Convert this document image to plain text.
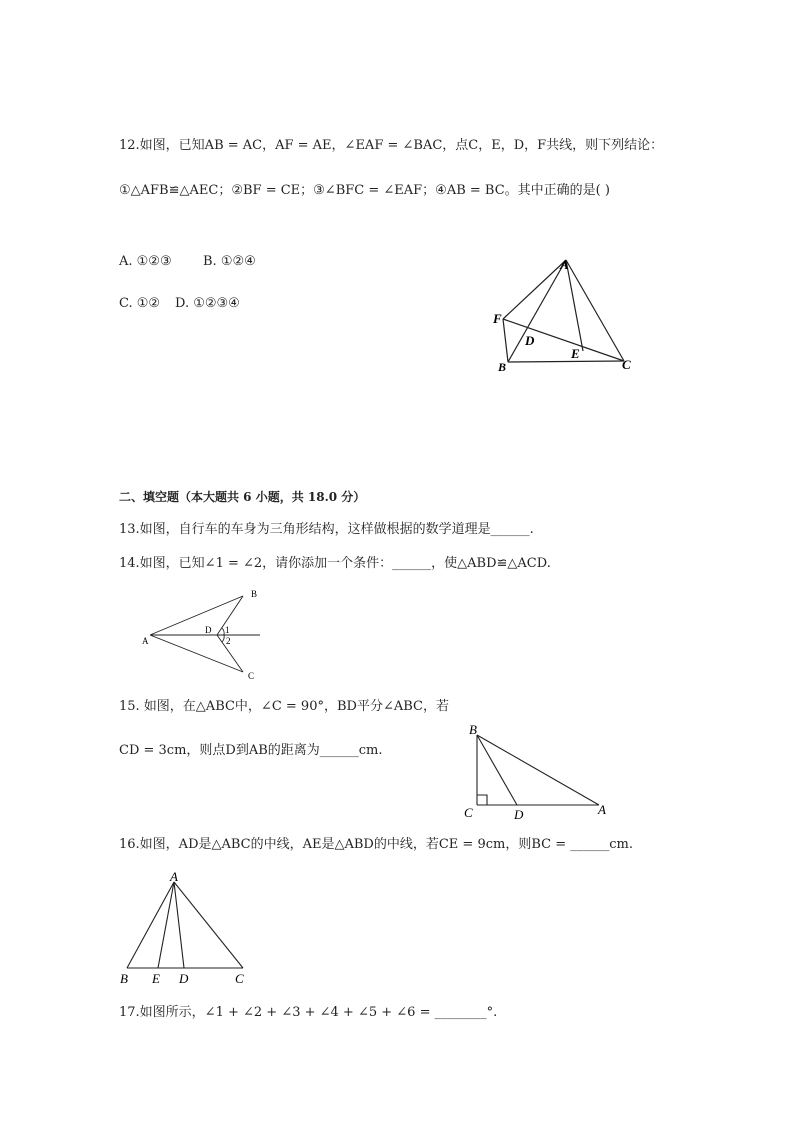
12.如图，已知AB = AC，AF = AE，∠EAF = ∠BAC，点C，E，D，F共线，则下列结论：
①△AFB≌△AEC；②BF = CE；③∠BFC = ∠EAF；④AB = BC。其中正确的是( )
A. ①②③ B. ①②④
C. ①② D. ①②③④
A
F
D
E
B	C
二、填空题（本大题共 6 小题，共 18.0 分）
13.如图，自行车的车身为三角形结构，这样做根据的数学道理是______.
14.如图，已知∠1 = ∠2，请你添加一个条件：______，使△ABD≌△ACD.
B
A
D 1
2
C
15. 如图，在△ABC中，∠C = 90°，BD平分∠ABC，若
CD = 3cm，则点D到AB的距离为______cm.
B
C	D	A
16.如图，AD是△ABC的中线，AE是△ABD的中线，若CE = 9cm，则BC = ______cm.
A
B E D	C
17.如图所示，∠1 + ∠2 + ∠3 + ∠4 + ∠5 + ∠6 = ________°.
